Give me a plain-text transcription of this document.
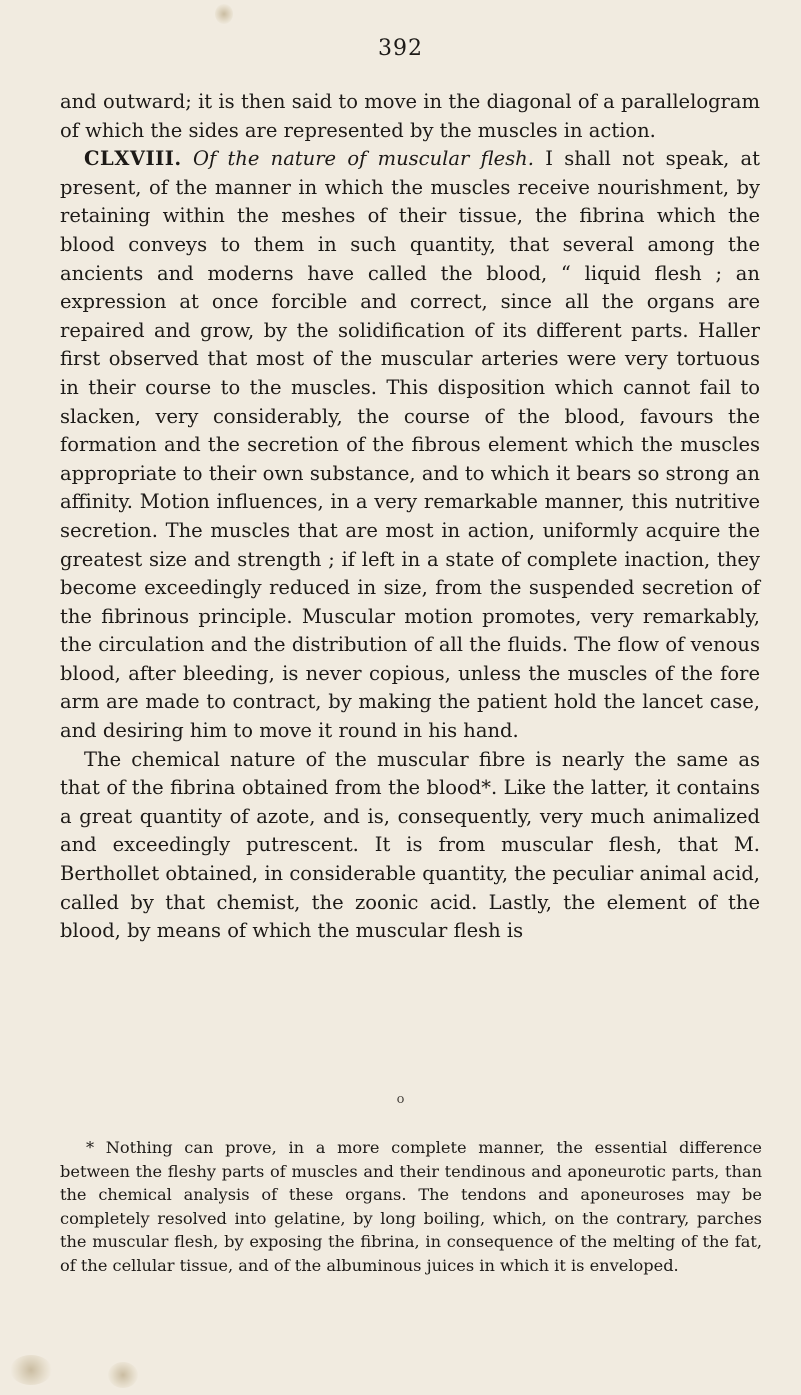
392

and outward; it is then said to move in the diagonal of a parallelogram of which the sides are represented by the muscles in action.

CLXVIII. Of the nature of muscular flesh. I shall not speak, at present, of the manner in which the muscles receive nourishment, by retaining within the meshes of their tissue, the fibrina which the blood conveys to them in such quantity, that several among the ancients and moderns have called the blood, “ liquid flesh ; an expression at once forcible and correct, since all the organs are repaired and grow, by the solidification of its different parts. Haller first observed that most of the muscular arteries were very tortuous in their course to the muscles. This disposition which cannot fail to slacken, very considerably, the course of the blood, favours the formation and the secretion of the fibrous element which the muscles appropriate to their own substance, and to which it bears so strong an affinity. Motion influences, in a very remarkable manner, this nutritive secretion. The muscles that are most in action, uniformly acquire the greatest size and strength ; if left in a state of complete inaction, they become exceedingly reduced in size, from the suspended secretion of the fibrinous principle. Muscular motion promotes, very remarkably, the circulation and the distribution of all the fluids. The flow of venous blood, after bleeding, is never copious, unless the muscles of the fore arm are made to contract, by making the patient hold the lancet case, and desiring him to move it round in his hand.

The chemical nature of the muscular fibre is nearly the same as that of the fibrina obtained from the blood*. Like the latter, it contains a great quantity of azote, and is, consequently, very much animalized and exceedingly putrescent. It is from muscular flesh, that M. Berthollet obtained, in considerable quantity, the peculiar animal acid, called by that chemist, the zoonic acid. Lastly, the element of the blood, by means of which the muscular flesh is

o

* Nothing can prove, in a more complete manner, the essential difference between the fleshy parts of muscles and their tendinous and aponeurotic parts, than the chemical analysis of these organs. The tendons and aponeuroses may be completely resolved into gelatine, by long boiling, which, on the contrary, parches the muscular flesh, by exposing the fibrina, in consequence of the melting of the fat, of the cellular tissue, and of the albuminous juices in which it is enveloped.
